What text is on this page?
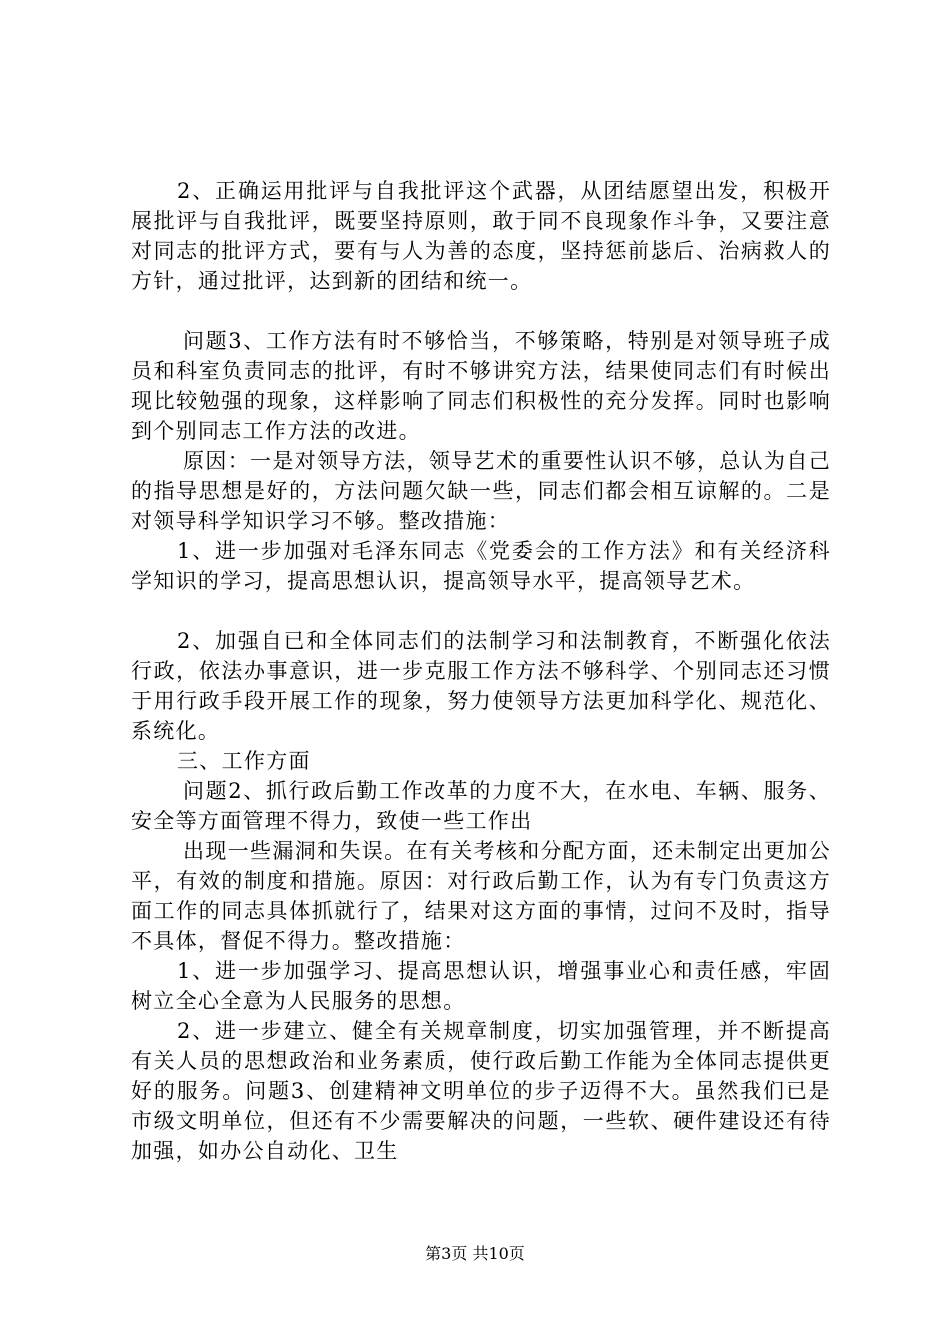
2、正确运用批评与自我批评这个武器，从团结愿望出发，积极开展批评与自我批评，既要坚持原则，敢于同不良现象作斗争，又要注意对同志的批评方式，要有与人为善的态度，坚持惩前毖后、治病救人的方针，通过批评，达到新的团结和统一。

问题3、工作方法有时不够恰当，不够策略，特别是对领导班子成员和科室负责同志的批评，有时不够讲究方法，结果使同志们有时候出现比较勉强的现象，这样影响了同志们积极性的充分发挥。同时也影响到个别同志工作方法的改进。

原因：一是对领导方法，领导艺术的重要性认识不够，总认为自己的指导思想是好的，方法问题欠缺一些，同志们都会相互谅解的。二是对领导科学知识学习不够。整改措施：

1、进一步加强对毛泽东同志《党委会的工作方法》和有关经济科学知识的学习，提高思想认识，提高领导水平，提高领导艺术。

2、加强自已和全体同志们的法制学习和法制教育，不断强化依法行政，依法办事意识，进一步克服工作方法不够科学、个别同志还习惯于用行政手段开展工作的现象，努力使领导方法更加科学化、规范化、系统化。

三、工作方面

问题2、抓行政后勤工作改革的力度不大，在水电、车辆、服务、安全等方面管理不得力，致使一些工作出

出现一些漏洞和失误。在有关考核和分配方面，还未制定出更加公平，有效的制度和措施。原因：对行政后勤工作，认为有专门负责这方面工作的同志具体抓就行了，结果对这方面的事情，过问不及时，指导不具体，督促不得力。整改措施：

1、进一步加强学习、提高思想认识，增强事业心和责任感，牢固树立全心全意为人民服务的思想。

2、进一步建立、健全有关规章制度，切实加强管理，并不断提高有关人员的思想政治和业务素质，使行政后勤工作能为全体同志提供更好的服务。问题3、创建精神文明单位的步子迈得不大。虽然我们已是市级文明单位，但还有不少需要解决的问题，一些软、硬件建设还有待加强，如办公自动化、卫生

第3页 共10页
